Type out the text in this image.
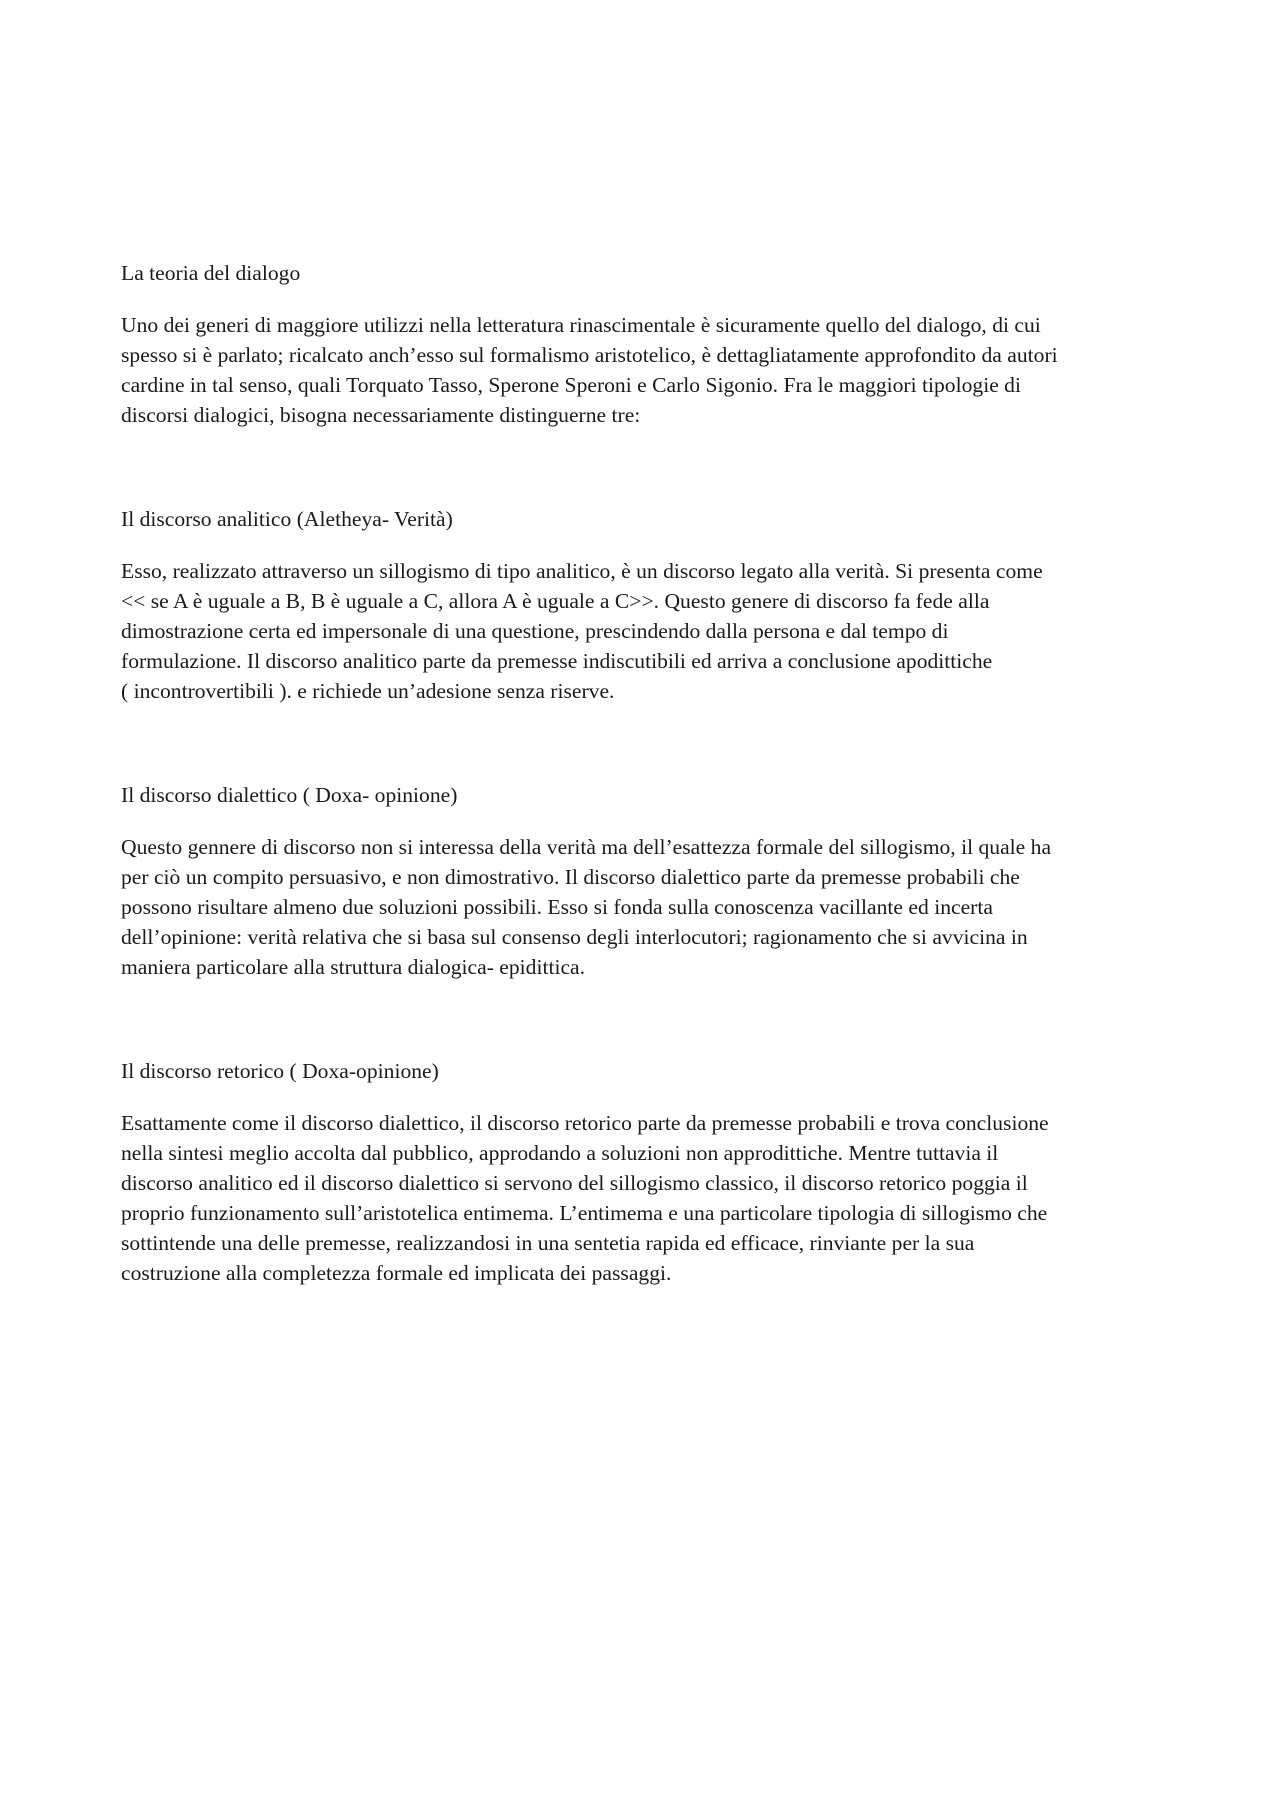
La teoria del dialogo

Uno dei generi di maggiore utilizzi nella letteratura rinascimentale è sicuramente quello del dialogo, di cui
spesso si è parlato; ricalcato anch’esso sul formalismo aristotelico, è dettagliatamente approfondito da autori
cardine in tal senso, quali Torquato Tasso, Sperone Speroni e Carlo Sigonio. Fra le maggiori tipologie di
discorsi dialogici, bisogna necessariamente distinguerne tre:

Il discorso analitico (Aletheya- Verità)

Esso, realizzato attraverso un sillogismo di tipo analitico, è un discorso legato alla verità. Si presenta come
<< se A è uguale a B, B è uguale a C, allora A è uguale a C>>. Questo genere di discorso fa fede alla
dimostrazione certa ed impersonale di una questione, prescindendo dalla persona e dal tempo di
formulazione. Il discorso analitico parte da premesse indiscutibili ed arriva a conclusione apodittiche
( incontrovertibili ). e richiede un’adesione senza riserve.

Il discorso dialettico ( Doxa- opinione)

Questo gennere di discorso non si interessa della verità ma dell’esattezza formale del sillogismo, il quale ha
per ciò un compito persuasivo, e non dimostrativo. Il discorso dialettico parte da premesse probabili che
possono risultare almeno due soluzioni possibili. Esso si fonda sulla conoscenza vacillante ed incerta
dell’opinione: verità relativa che si basa sul consenso degli interlocutori; ragionamento che si avvicina in
maniera particolare alla struttura dialogica- epidittica.

Il discorso retorico ( Doxa-opinione)

Esattamente come il discorso dialettico, il discorso retorico parte da premesse probabili e trova conclusione
nella sintesi meglio accolta dal pubblico, approdando a soluzioni non approdittiche. Mentre tuttavia il
discorso analitico ed il discorso dialettico si servono del sillogismo classico, il discorso retorico poggia il
proprio funzionamento sull’aristotelica entimema. L’entimema e una particolare tipologia di sillogismo che
sottintende una delle premesse, realizzandosi in una sentetia rapida ed efficace, rinviante per la sua
costruzione alla completezza formale ed implicata dei passaggi.
